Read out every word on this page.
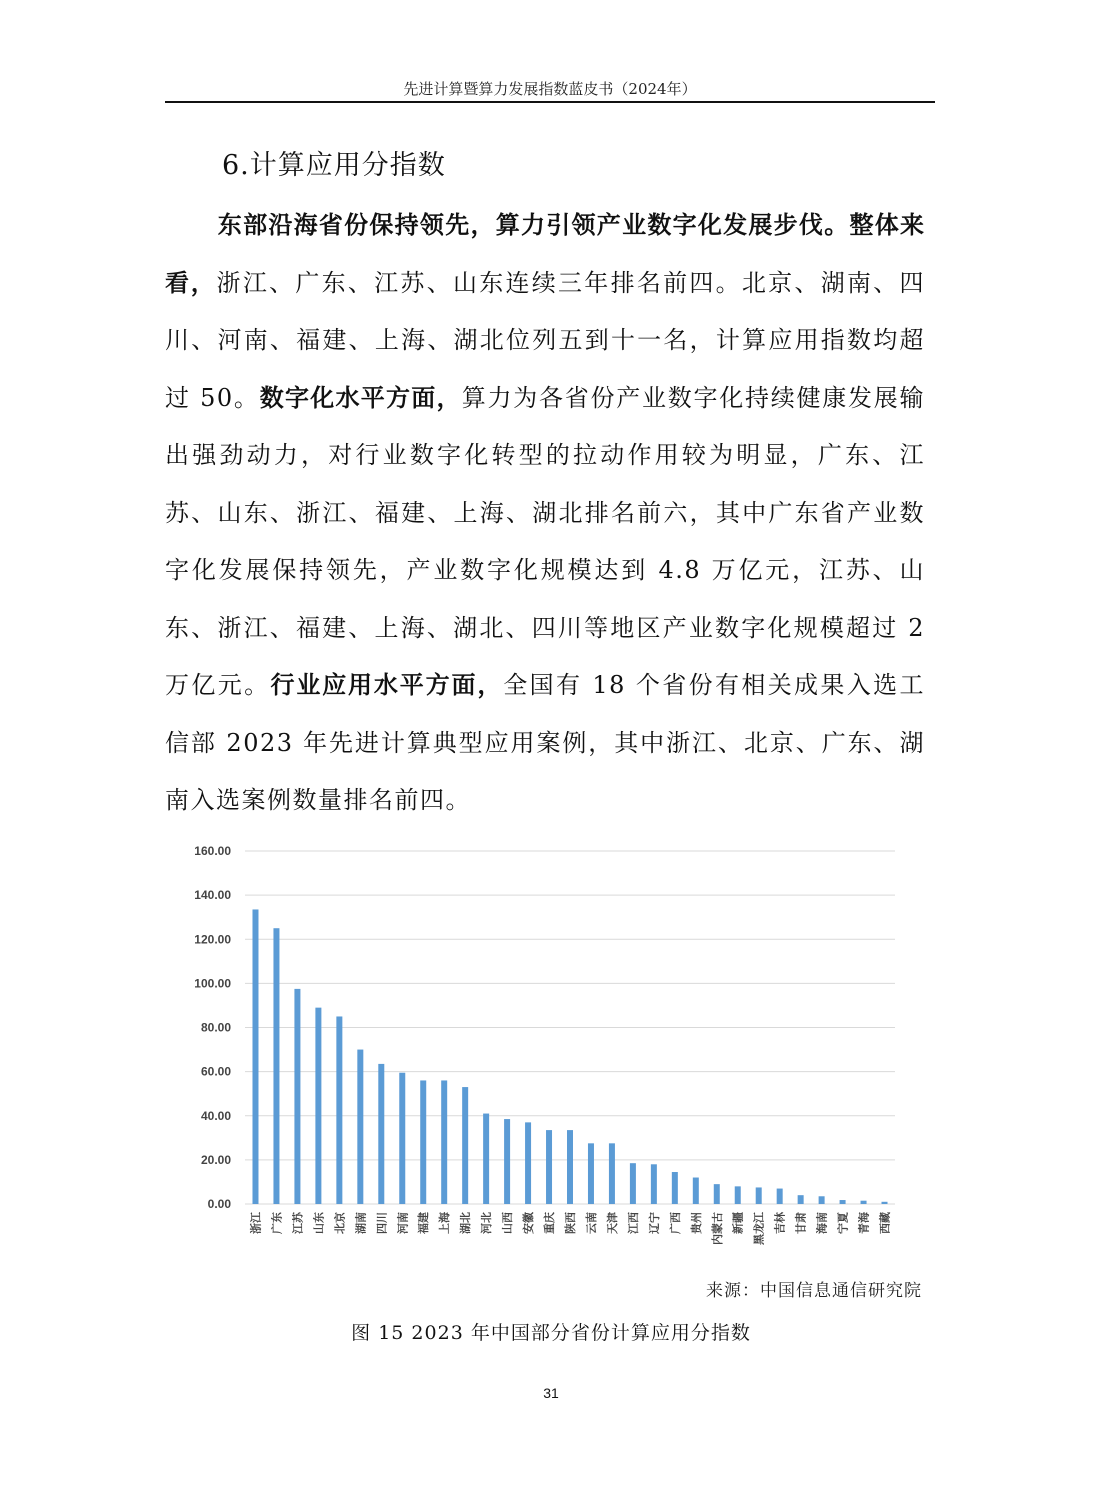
先进计算暨算力发展指数蓝皮书（2024年）
6.计算应用分指数
东部沿海省份保持领先，算力引领产业数字化发展步伐。整体来看，浙江、广东、江苏、山东连续三年排名前四。北京、湖南、四川、河南、福建、上海、湖北位列五到十一名，计算应用指数均超过 50。数字化水平方面，算力为各省份产业数字化持续健康发展输出强劲动力，对行业数字化转型的拉动作用较为明显，广东、江苏、山东、浙江、福建、上海、湖北排名前六，其中广东省产业数字化发展保持领先，产业数字化规模达到 4.8 万亿元，江苏、山东、浙江、福建、上海、湖北、四川等地区产业数字化规模超过 2 万亿元。行业应用水平方面，全国有 18 个省份有相关成果入选工信部 2023 年先进计算典型应用案例，其中浙江、北京、广东、湖南入选案例数量排名前四。
0.00
20.00
40.00
60.00
80.00
100.00
120.00
140.00
160.00
浙江 广东 江苏 山东 北京 湖南 四川 河南 福建 上海 湖北 河北 山西 安徽 重庆 陕西 云南 天津 江西 辽宁 广西 贵州 内蒙古 新疆 黑龙江 吉林 甘肃 海南 宁夏 青海 西藏
来源：中国信息通信研究院
图 15 2023 年中国部分省份计算应用分指数
31
